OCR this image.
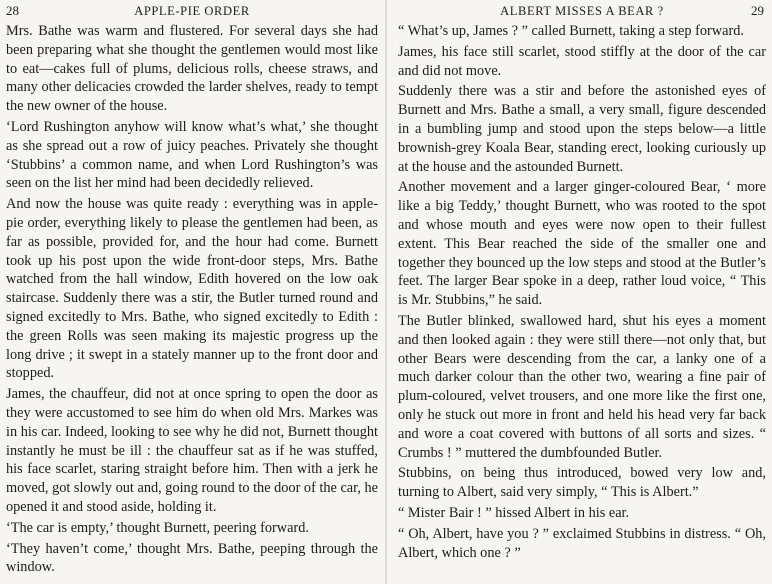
28	APPLE-PIE ORDER

Mrs. Bathe was warm and flustered. For several days she had been preparing what she thought the gentlemen would most like to eat—cakes full of plums, delicious rolls, cheese straws, and many other delicacies crowded the larder shelves, ready to tempt the new owner of the house.

‘Lord Rushington anyhow will know what’s what,’ she thought as she spread out a row of juicy peaches. Privately she thought ‘Stubbins’ a common name, and when Lord Rushington’s was seen on the list her mind had been decidedly relieved.

And now the house was quite ready : everything was in apple-pie order, everything likely to please the gentlemen had been, as far as possible, provided for, and the hour had come. Burnett took up his post upon the wide front-door steps, Mrs. Bathe watched from the hall window, Edith hovered on the low oak staircase. Suddenly there was a stir, the Butler turned round and signed excitedly to Mrs. Bathe, who signed excitedly to Edith : the green Rolls was seen making its majestic progress up the long drive ; it swept in a stately manner up to the front door and stopped.

James, the chauffeur, did not at once spring to open the door as they were accustomed to see him do when old Mrs. Markes was in his car. Indeed, looking to see why he did not, Burnett thought instantly he must be ill : the chauffeur sat as if he was stuffed, his face scarlet, staring straight before him. Then with a jerk he moved, got slowly out and, going round to the door of the car, he opened it and stood aside, holding it.

‘The car is empty,’ thought Burnett, peering forward.

‘They haven’t come,’ thought Mrs. Bathe, peeping through the window.

ALBERT MISSES A BEAR ?	29

“ What’s up, James ? ” called Burnett, taking a step forward.

James, his face still scarlet, stood stiffly at the door of the car and did not move.

Suddenly there was a stir and before the astonished eyes of Burnett and Mrs. Bathe a small, a very small, figure descended in a bumbling jump and stood upon the steps below—a little brownish-grey Koala Bear, standing erect, looking curiously up at the house and the astounded Burnett.

Another movement and a larger ginger-coloured Bear, ‘ more like a big Teddy,’ thought Burnett, who was rooted to the spot and whose mouth and eyes were now open to their fullest extent. This Bear reached the side of the smaller one and together they bounced up the low steps and stood at the Butler’s feet. The larger Bear spoke in a deep, rather loud voice, “ This is Mr. Stubbins,” he said.

The Butler blinked, swallowed hard, shut his eyes a moment and then looked again : they were still there—not only that, but other Bears were descending from the car, a lanky one of a much darker colour than the other two, wearing a fine pair of plum-coloured, velvet trousers, and one more like the first one, only he stuck out more in front and held his head very far back and wore a coat covered with buttons of all sorts and sizes. “ Crumbs ! ” muttered the dumbfounded Butler.

Stubbins, on being thus introduced, bowed very low and, turning to Albert, said very simply, “ This is Albert.”

“ Mister Bair ! ” hissed Albert in his ear.

“ Oh, Albert, have you ? ” exclaimed Stubbins in distress. “ Oh, Albert, which one ? ”
